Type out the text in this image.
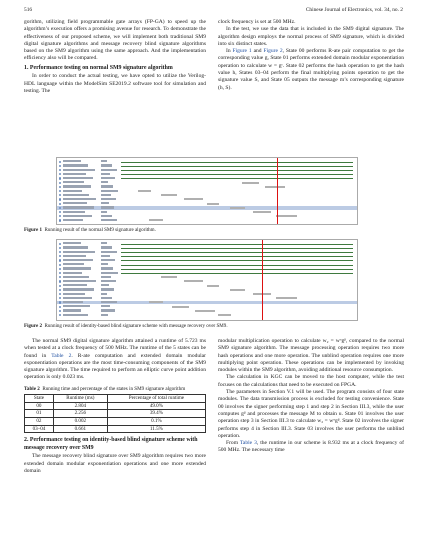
516	Chinese Journal of Electronics, vol. 34, no. 2

gorithm, utilizing field programmable gate arrays (FP-GA) to speed up the algorithm’s execution offers a promising avenue for research. To demonstrate the effectiveness of our proposed scheme, we will implement both traditional SM9 digital signature algorithms and message recovery blind signature algorithms based on the SM9 algorithm using the same approach. And the implementation efficiency also will be compared.

1. Performance testing on normal SM9 signature algorithm

In order to conduct the actual testing, we have opted to utilize the Verilog-HDL language within the ModelSim SE2019.2 software tool for simulation and testing. The

clock frequency is set at 500 MHz.

In the test, we use the data that is included in the SM9 digital signature. The algorithm design employs the normal process of SM9 signature, which is divided into six distinct states.

In Figure 1 and Figure 2, State 00 performs R-ate pair computation to get the corresponding value g, State 01 performs extended domain modular exponentiation operation to calculate w = gʳ. State 02 performs the hash operation to get the hash value h, States 03–04 perform the final multiplying points operation to get the signature value S, and State 05 outputs the message m’s corresponding signature (h, S).

Figure 1 Running result of the normal SM9 signature algorithm.
Figure 2 Running result of identity-based blind signature scheme with message recovery over SM9.

The normal SM9 digital signature algorithm attained a runtime of 5.723 ms when tested at a clock frequency of 500 MHz. The runtime of the 5 states can be found in Table 2. R-ate computation and extended domain modular exponentiation operations are the most time-consuming components of the SM9 signature algorithm. The time required to perform an elliptic curve point addition operation is only 0.023 ms.

Table 2 Running time and percentage of the states in SM9 signature algorithm
State	Runtime (ms)	Percentage of total runtime
00	2.804	49.0%
01	2.256	39.4%
02	0.002	0.1%
03–04	0.661	11.5%
2. Performance testing on identity-based blind signature scheme with message recovery over SM9

The message recovery blind signature over SM9 algorithm requires two more extended domain modular exponentiation operations and one more extended domain

modular multiplication operation to calculate w₂ = wᵅgᵝ, compared to the normal SM9 signature algorithm. The message processing operation requires two more hash operations and one more operation. The unblind operation requires one more multiplying point operation. These operations can be implemented by invoking modules within the SM9 algorithm, avoiding additional resource consumption.

The calculation in KGC can be moved to the host computer, while the test focuses on the calculations that need to be executed on FPGA.

The parameters in Section V.1 will be used. The program consists of four state modules. The data transmission process is excluded for testing convenience. State 00 involves the signer performing step 1 and step 2 in Section III.3, while the user computes gᵝ and processes the message M to obtain u. State 01 involves the user operation step 3 in Section III.3 to calculate w₂ = wᵅgᵝ. State 02 involves the signer performs step 4 in Section III.3. State 03 involves the user performs the unblind operation.

From Table 3, the runtime in our scheme is 8.932 ms at a clock frequency of 500 MHz. The necessary time
